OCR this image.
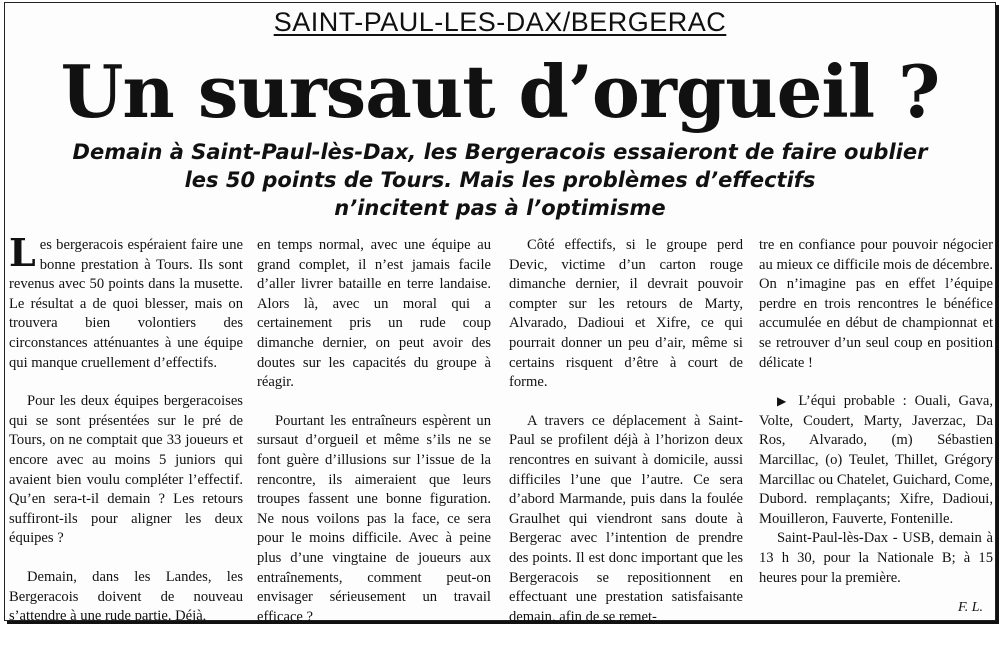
SAINT-PAUL-LES-DAX/BERGERAC
Un sursaut d’orgueil ?
Demain à Saint-Paul-lès-Dax, les Bergeracois essaieront de faire oublier
les 50 points de Tours. Mais les problèmes d’effectifs
n’incitent pas à l’optimisme

Les bergeracois espéraient faire une bonne prestation à Tours. Ils sont revenus avec 50 points dans la musette. Le résultat a de quoi blesser, mais on trouvera bien volontiers des circonstances atténuantes à une équipe qui manque cruellement d’effectifs.

Pour les deux équipes bergeracoises qui se sont présentées sur le pré de Tours, on ne comptait que 33 joueurs et encore avec au moins 5 juniors qui avaient bien voulu compléter l’effectif. Qu’en sera-t-il demain ? Les retours suffiront-ils pour aligner les deux équipes ?

Demain, dans les Landes, les Bergeracois doivent de nouveau s’attendre à une rude partie. Déjà,

en temps normal, avec une équipe au grand complet, il n’est jamais facile d’aller livrer bataille en terre landaise. Alors là, avec un moral qui a certainement pris un rude coup dimanche dernier, on peut avoir des doutes sur les capacités du groupe à réagir.

Pourtant les entraîneurs espèrent un sursaut d’orgueil et même s’ils ne se font guère d’illusions sur l’issue de la rencontre, ils aimeraient que leurs troupes fassent une bonne figuration. Ne nous voilons pas la face, ce sera pour le moins difficile. Avec à peine plus d’une vingtaine de joueurs aux entraînements, comment peut-on envisager sérieusement un travail efficace ?

Côté effectifs, si le groupe perd Devic, victime d’un carton rouge dimanche dernier, il devrait pouvoir compter sur les retours de Marty, Alvarado, Dadioui et Xifre, ce qui pourrait donner un peu d’air, même si certains risquent d’être à court de forme.

A travers ce déplacement à Saint-Paul se profilent déjà à l’horizon deux rencontres en suivant à domicile, aussi difficiles l’une que l’autre. Ce sera d’abord Marmande, puis dans la foulée Graulhet qui viendront sans doute à Bergerac avec l’intention de prendre des points. Il est donc important que les Bergeracois se repositionnent en effectuant une prestation satisfaisante demain, afin de se remet-

tre en confiance pour pouvoir négocier au mieux ce difficile mois de décembre. On n’imagine pas en effet l’équipe perdre en trois rencontres le bénéfice accumulée en début de championnat et se retrouver d’un seul coup en position délicate !

▶ L’équi probable : Ouali, Gava, Volte, Coudert, Marty, Javerzac, Da Ros, Alvarado, (m) Sébastien Marcillac, (o) Teulet, Thillet, Grégory Marcillac ou Chatelet, Guichard, Come, Dubord. remplaçants; Xifre, Dadioui, Mouilleron, Fauverte, Fontenille.

Saint-Paul-lès-Dax - USB, demain à 13 h 30, pour la Nationale B; à 15 heures pour la première.

F. L.
